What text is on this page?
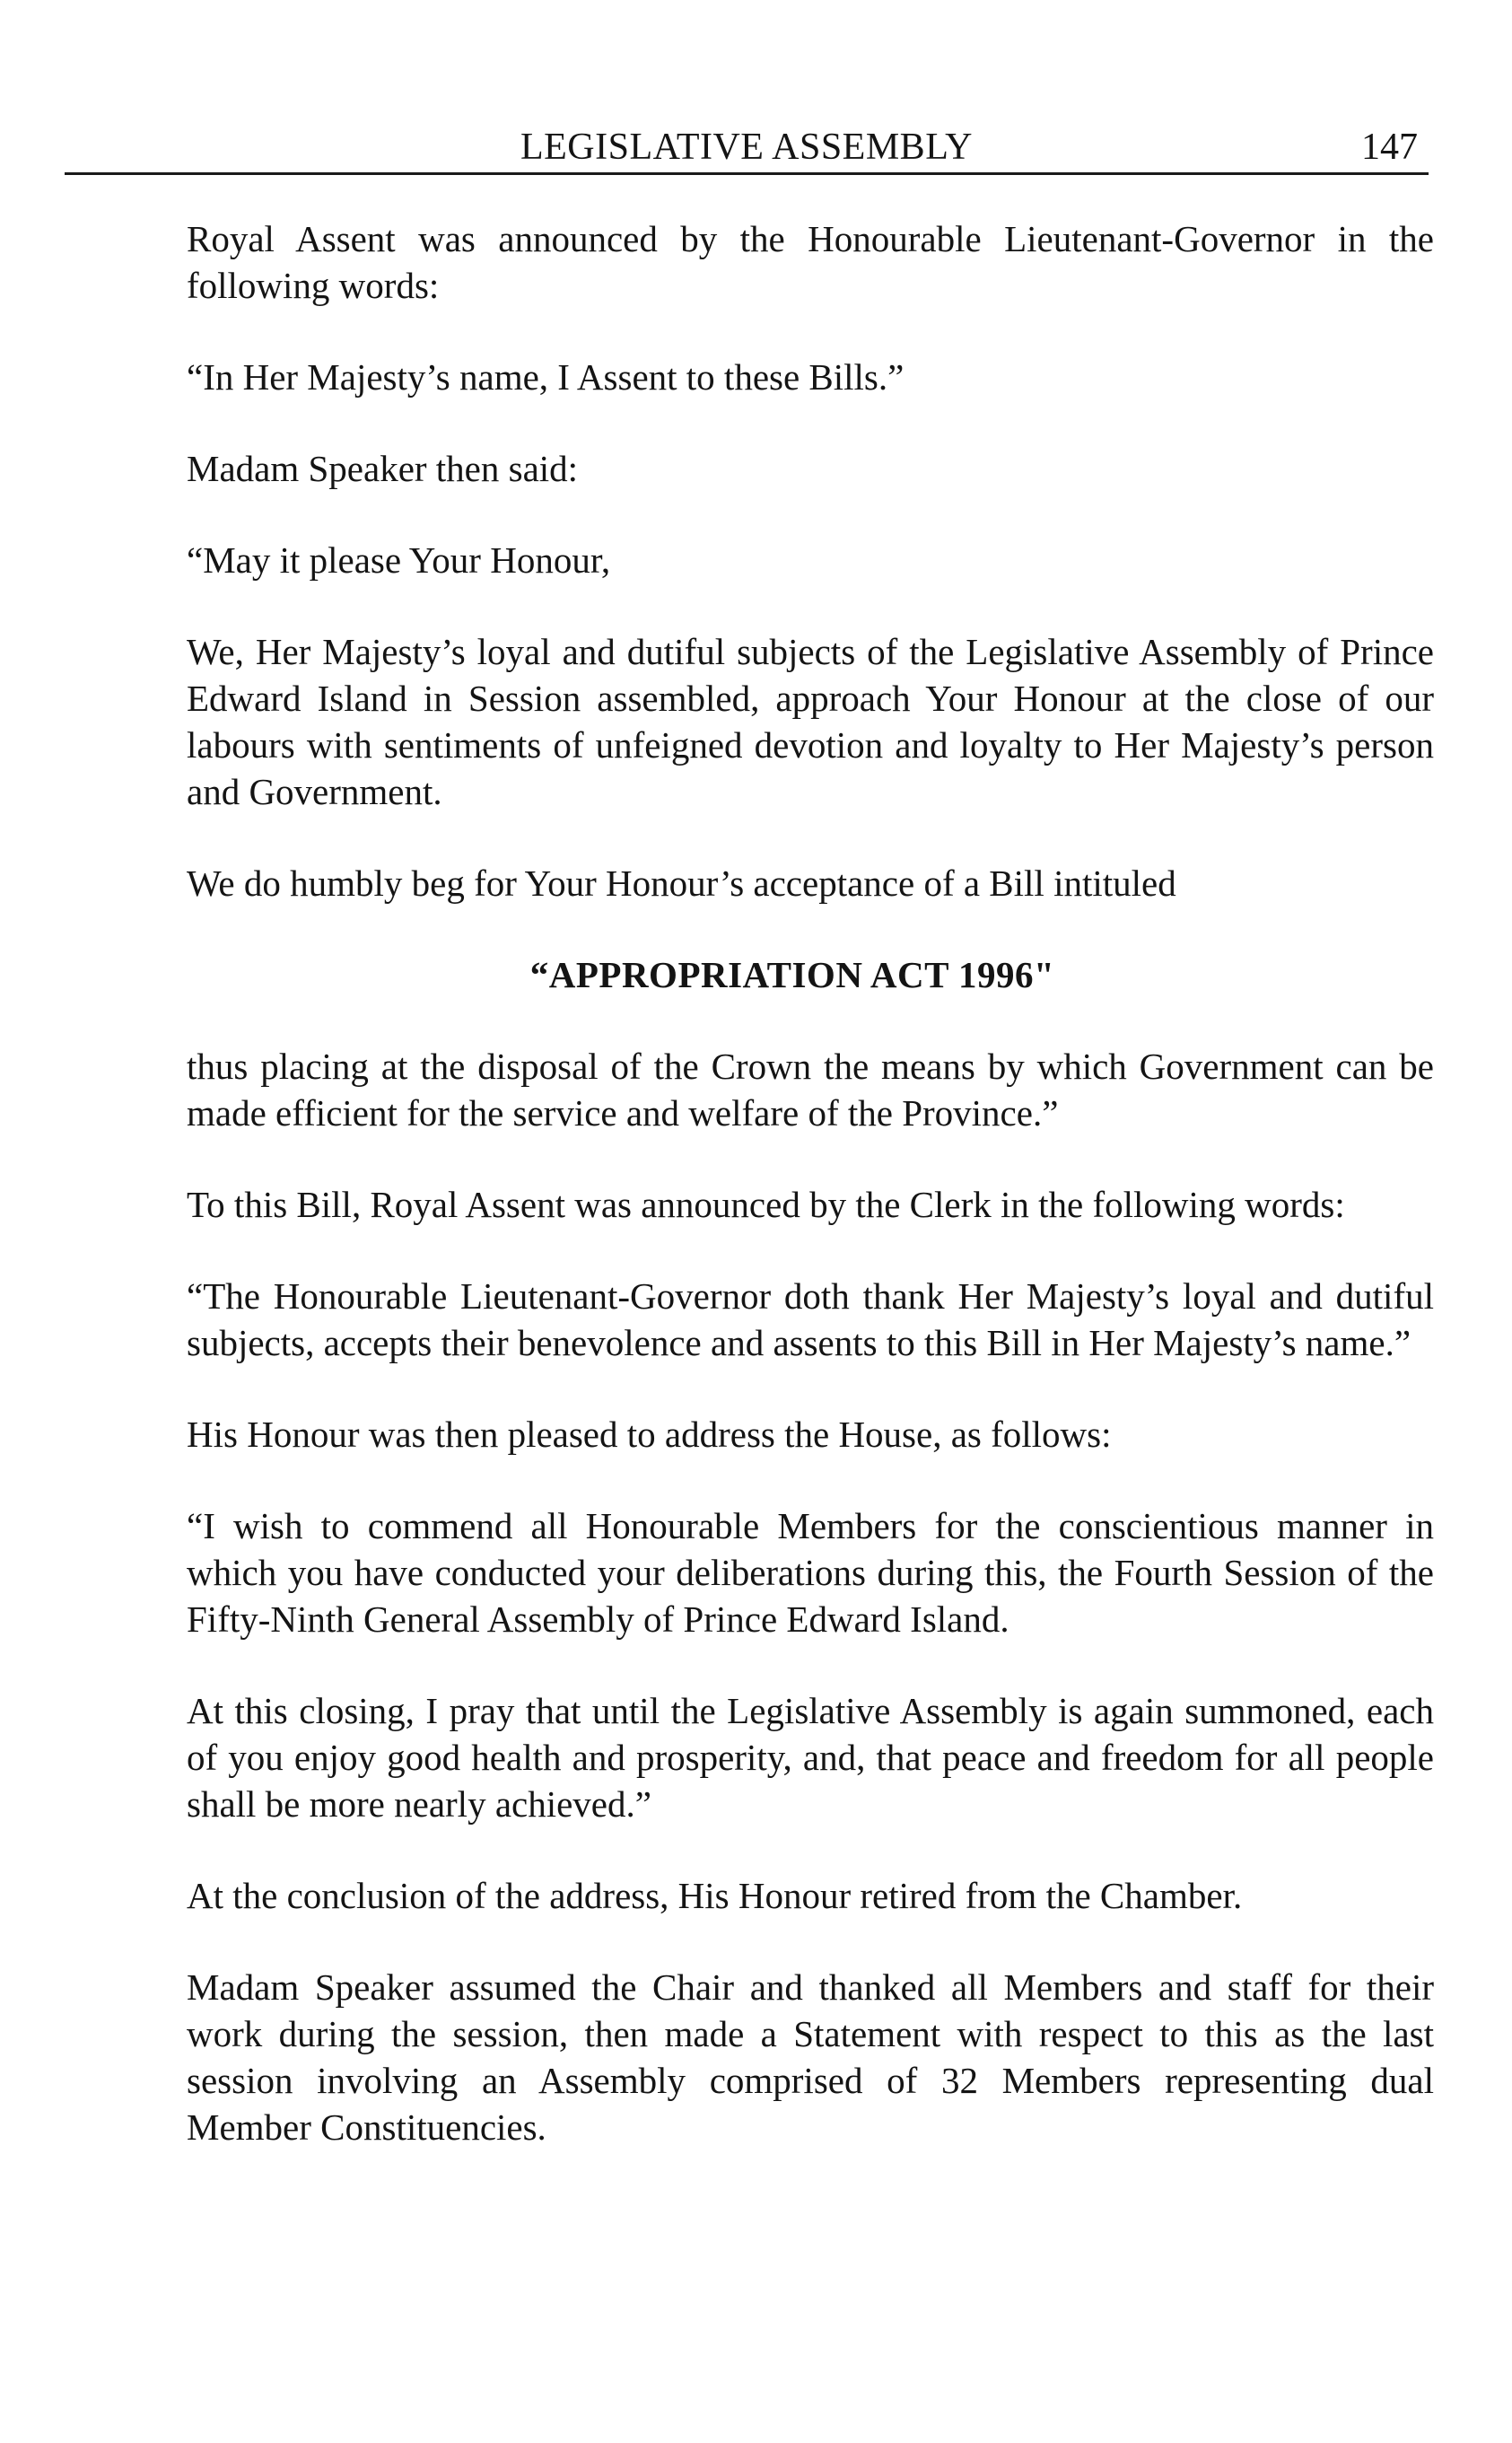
LEGISLATIVE ASSEMBLY	147

Royal Assent was announced by the Honourable Lieutenant-Governor in the following words:

“In Her Majesty’s name, I Assent to these Bills.”

Madam Speaker then said:

“May it please Your Honour,

We, Her Majesty’s loyal and dutiful subjects of the Legislative Assembly of Prince Edward Island in Session assembled, approach Your Honour at the close of our labours with sentiments of unfeigned devotion and loyalty to Her Majesty’s person and Government.

We do humbly beg for Your Honour’s acceptance of a Bill intituled

“APPROPRIATION ACT 1996"

thus placing at the disposal of the Crown the means by which Government can be made efficient for the service and welfare of the Province.”

To this Bill, Royal Assent was announced by the Clerk in the following words:

“The Honourable Lieutenant-Governor doth thank Her Majesty’s loyal and dutiful subjects, accepts their benevolence and assents to this Bill in Her Majesty’s name.”

His Honour was then pleased to address the House, as follows:

“I wish to commend all Honourable Members for the conscientious manner in which you have conducted your deliberations during this, the Fourth Session of the Fifty-Ninth General Assembly of Prince Edward Island.

At this closing, I pray that until the Legislative Assembly is again summoned, each of you enjoy good health and prosperity, and, that peace and freedom for all people shall be more nearly achieved.”

At the conclusion of the address, His Honour retired from the Chamber.

Madam Speaker assumed the Chair and thanked all Members and staff for their work during the session, then made a Statement with respect to this as the last session involving an Assembly comprised of 32 Members representing dual Member Constituencies.
